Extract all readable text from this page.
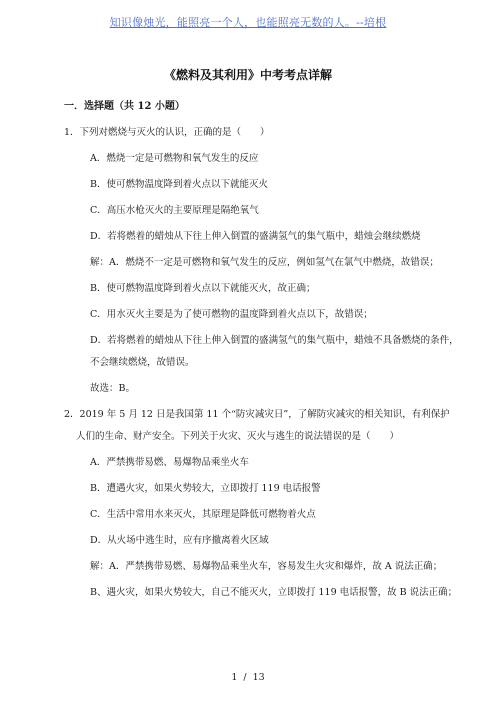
知识像烛光，能照亮一个人，也能照亮无数的人。--培根
《燃料及其利用》中考考点详解
一．选择题（共 12 小题）
1．下列对燃烧与灭火的认识，正确的是（　　）
A．燃烧一定是可燃物和氧气发生的反应
B．使可燃物温度降到着火点以下就能灭火
C．高压水枪灭火的主要原理是隔绝氧气
D．若将燃着的蜡烛从下往上伸入倒置的盛满氢气的集气瓶中，蜡烛会继续燃烧
解：A．燃烧不一定是可燃物和氧气发生的反应，例如氢气在氯气中燃烧，故错误；
B．使可燃物温度降到着火点以下就能灭火，故正确；
C．用水灭火主要是为了使可燃物的温度降到着火点以下，故错误；
D．若将燃着的蜡烛从下往上伸入倒置的盛满氢气的集气瓶中，蜡烛不具备燃烧的条件，
不会继续燃烧，故错误。
故选：B。
2．2019 年 5 月 12 日是我国第 11 个“防灾减灾日”，了解防灾减灾的相关知识，有利保护
人们的生命、财产安全。下列关于火灾、灭火与逃生的说法错误的是（　　）
A．严禁携带易燃、易爆物品乘坐火车
B．遭遇火灾，如果火势较大，立即拨打 119 电话报警
C．生活中常用水来灭火，其原理是降低可燃物着火点
D．从火场中逃生时，应有序撤离着火区域
解：A．严禁携带易燃、易爆物品乘坐火车，容易发生火灾和爆炸，故 A 说法正确；
B、遇火灾，如果火势较大，自己不能灭火，立即拨打 119 电话报警，故 B 说法正确；
1 / 13
